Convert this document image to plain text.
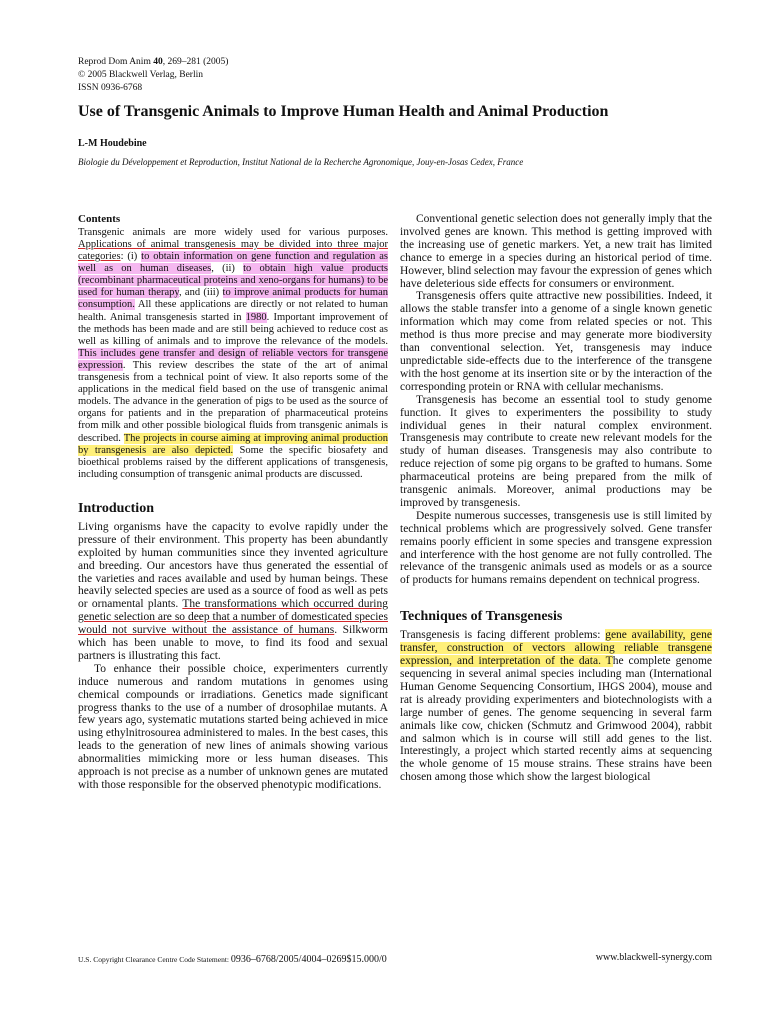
Reprod Dom Anim 40, 269–281 (2005)
© 2005 Blackwell Verlag, Berlin
ISSN 0936-6768
Use of Transgenic Animals to Improve Human Health and Animal Production
L-M Houdebine
Biologie du Développement et Reproduction, Institut National de la Recherche Agronomique, Jouy-en-Josas Cedex, France
Contents

Transgenic animals are more widely used for various purposes. Applications of animal transgenesis may be divided into three major categories: (i) to obtain information on gene function and regulation as well as on human diseases, (ii) to obtain high value products (recombinant pharmaceutical proteins and xeno-organs for humans) to be used for human therapy, and (iii) to improve animal products for human consumption. All these applications are directly or not related to human health. Animal transgenesis started in 1980. Important improvement of the methods has been made and are still being achieved to reduce cost as well as killing of animals and to improve the relevance of the models. This includes gene transfer and design of reliable vectors for transgene expression. This review describes the state of the art of animal transgenesis from a technical point of view. It also reports some of the applications in the medical field based on the use of transgenic animal models. The advance in the generation of pigs to be used as the source of organs for patients and in the preparation of pharmaceutical proteins from milk and other possible biological fluids from transgenic animals is described. The projects in course aiming at improving animal production by transgenesis are also depicted. Some the specific biosafety and bioethical problems raised by the different applications of transgenesis, including consumption of transgenic animal products are discussed.

Introduction

Living organisms have the capacity to evolve rapidly under the pressure of their environment. This property has been abundantly exploited by human communities since they invented agriculture and breeding. Our ancestors have thus generated the essential of the varieties and races available and used by human beings. These heavily selected species are used as a source of food as well as pets or ornamental plants. The transformations which occurred during genetic selection are so deep that a number of domesticated species would not survive without the assistance of humans. Silkworm which has been unable to move, to find its food and sexual partners is illustrating this fact.

To enhance their possible choice, experimenters currently induce numerous and random mutations in genomes using chemical compounds or irradiations. Genetics made significant progress thanks to the use of a number of drosophilae mutants. A few years ago, systematic mutations started being achieved in mice using ethylnitrosourea administered to males. In the best cases, this leads to the generation of new lines of animals showing various abnormalities mimicking more or less human diseases. This approach is not precise as a number of unknown genes are mutated with those responsible for the observed phenotypic modifications.

Conventional genetic selection does not generally imply that the involved genes are known. This method is getting improved with the increasing use of genetic markers. Yet, a new trait has limited chance to emerge in a species during an historical period of time. However, blind selection may favour the expression of genes which have deleterious side effects for consumers or environment.

Transgenesis offers quite attractive new possibilities. Indeed, it allows the stable transfer into a genome of a single known genetic information which may come from related species or not. This method is thus more precise and may generate more biodiversity than conventional selection. Yet, transgenesis may induce unpredictable side-effects due to the interference of the transgene with the host genome at its insertion site or by the interaction of the corresponding protein or RNA with cellular mechanisms.

Transgenesis has become an essential tool to study genome function. It gives to experimenters the possibility to study individual genes in their natural complex environment. Transgenesis may contribute to create new relevant models for the study of human diseases. Transgenesis may also contribute to reduce rejection of some pig organs to be grafted to humans. Some pharmaceutical proteins are being prepared from the milk of transgenic animals. Moreover, animal productions may be improved by transgenesis.

Despite numerous successes, transgenesis use is still limited by technical problems which are progressively solved. Gene transfer remains poorly efficient in some species and transgene expression and interference with the host genome are not fully controlled. The relevance of the transgenic animals used as models or as a source of products for humans remains dependent on technical progress.

Techniques of Transgenesis

Transgenesis is facing different problems: gene availability, gene transfer, construction of vectors allowing reliable transgene expression, and interpretation of the data. The complete genome sequencing in several animal species including man (International Human Genome Sequencing Consortium, IHGS 2004), mouse and rat is already providing experimenters and biotechnologists with a large number of genes. The genome sequencing in several farm animals like cow, chicken (Schmutz and Grimwood 2004), rabbit and salmon which is in course will still add genes to the list. Interestingly, a project which started recently aims at sequencing the whole genome of 15 mouse strains. These strains have been chosen among those which show the largest biological

U.S. Copyright Clearance Centre Code Statement: 0936–6768/2005/4004–0269$15.000/0	www.blackwell-synergy.com
